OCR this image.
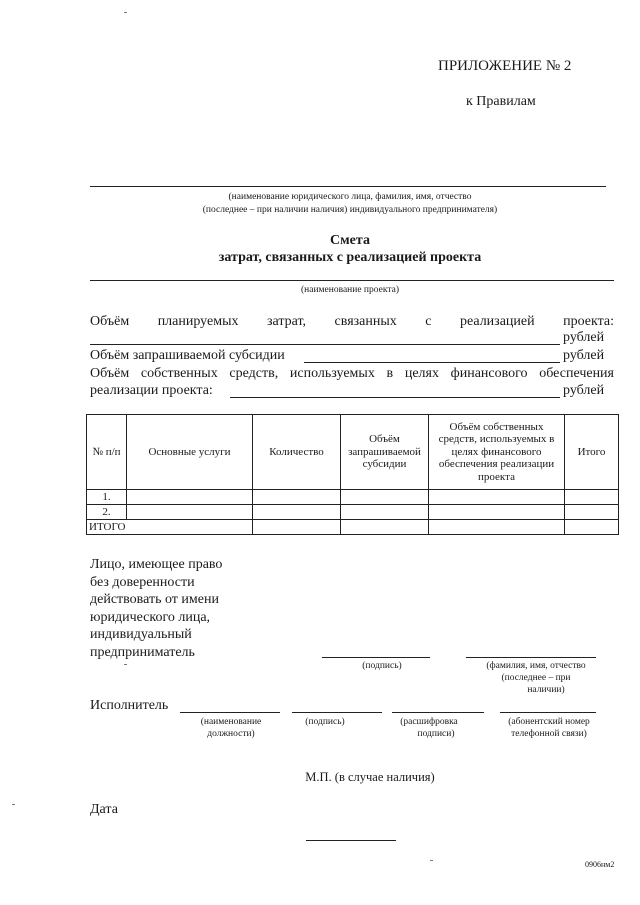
ПРИЛОЖЕНИЕ № 2
к Правилам
(наименование юридического лица, фамилия, имя, отчество
(последнее – при наличии наличия) индивидуального предпринимателя)
Смета
затрат, связанных с реализацией проекта
(наименование проекта)
Объём планируемых затрат, связанных с реализацией проекта:
рублей
Объём запрашиваемой субсидии	рублей
Объём собственных средств, используемых в целях финансового обеспечения
реализации проекта:	рублей
№ п/п	Основные услуги	Количество	Объём запрашиваемой субсидии	Объём собственных средств, используемых в целях финансового обеспечения реализации проекта	Итого
1.					
2.					
ИТОГО					
Лицо, имеющее право
без доверенности
действовать от имени
юридического лица,
индивидуальный
предприниматель
(подпись)	(фамилия, имя, отчество
(последнее – при
наличии)
Исполнитель
(наименование
должности)
(подпись)	(расшифровка
подписи)
(абонентский номер
телефонной связи)
М.П. (в случае наличия)
Дата
0906нм2
